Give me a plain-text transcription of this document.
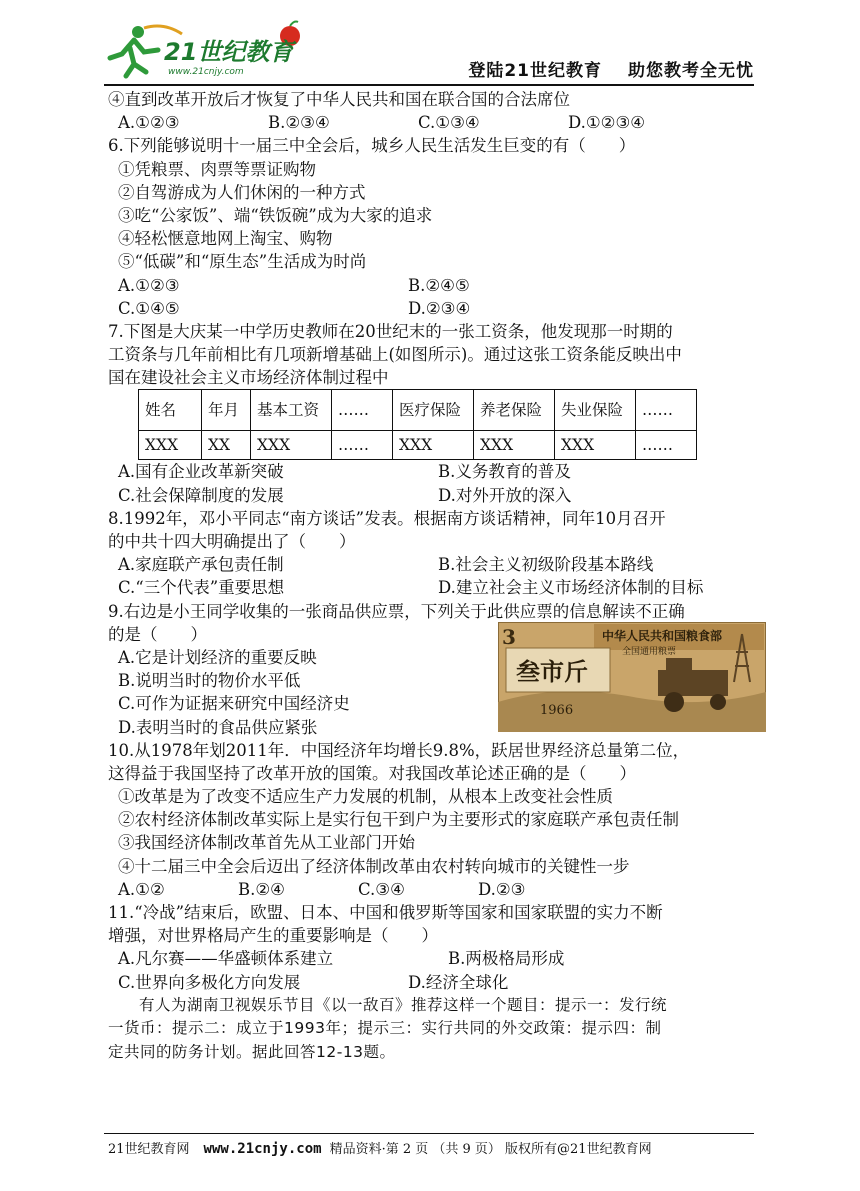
21世纪教育
www.21cnjy.com	登陆21世纪教育 助您教考全无忧
④直到改革开放后才恢复了中华人民共和国在联合国的合法席位
A.①②③	B.②③④	C.①③④	D.①②③④
6.下列能够说明十一届三中全会后，城乡人民生活发生巨变的有（　　）
①凭粮票、肉票等票证购物
②自驾游成为人们休闲的一种方式
③吃“公家饭”、端“铁饭碗”成为大家的追求
④轻松惬意地网上淘宝、购物
⑤“低碳”和“原生态”生活成为时尚
A.①②③	B.②④⑤
C.①④⑤	D.②③④
7.下图是大庆某一中学历史教师在20世纪末的一张工资条，他发现那一时期的
工资条与几年前相比有几项新增基础上(如图所示)。通过这张工资条能反映出中
国在建设社会主义市场经济体制过程中
姓名	年月	基本工资	……	医疗保险	养老保险	失业保险	……
XXX	XX	XXX	……	XXX	XXX	XXX	……
A.国有企业改革新突破	B.义务教育的普及
C.社会保障制度的发展	D.对外开放的深入
8.1992年，邓小平同志“南方谈话”发表。根据南方谈话精神，同年10月召开
的中共十四大明确提出了（　　）
A.家庭联产承包责任制	B.社会主义初级阶段基本路线
C.“三个代表”重要思想	D.建立社会主义市场经济体制的目标
9.右边是小王同学收集的一张商品供应票，下列关于此供应票的信息解读不正确
的是（　　）
A.它是计划经济的重要反映
B.说明当时的物价水平低
C.可作为证据来研究中国经济史
D.表明当时的食品供应紧张
3	中华人民共和国粮食部
全国通用粮票
叁市斤
1966
10.从1978年划2011年．中国经济年均增长9.8%，跃居世界经济总量第二位，
这得益于我国坚持了改革开放的国策。对我国改革论述正确的是（　　）
①改革是为了改变不适应生产力发展的机制，从根本上改变社会性质
②农村经济体制改革实际上是实行包干到户为主要形式的家庭联产承包责任制
③我国经济体制改革首先从工业部门开始
④十二届三中全会后迈出了经济体制改革由农村转向城市的关键性一步
A.①②	B.②④	C.③④	D.②③
11.“冷战”结束后，欧盟、日本、中国和俄罗斯等国家和国家联盟的实力不断
增强，对世界格局产生的重要影响是（　　）
A.凡尔赛——华盛顿体系建立	B.两极格局形成
C.世界向多极化方向发展	D.经济全球化
有人为湖南卫视娱乐节目《以一敌百》推荐这样一个题目：提示一：发行统
一货币：提示二：成立于1993年；提示三：实行共同的外交政策：提示四：制
定共同的防务计划。据此回答12-13题。
21世纪教育网 www.21cnjy.com 精品资料·第 2 页 （共 9 页） 版权所有@21世纪教育网
